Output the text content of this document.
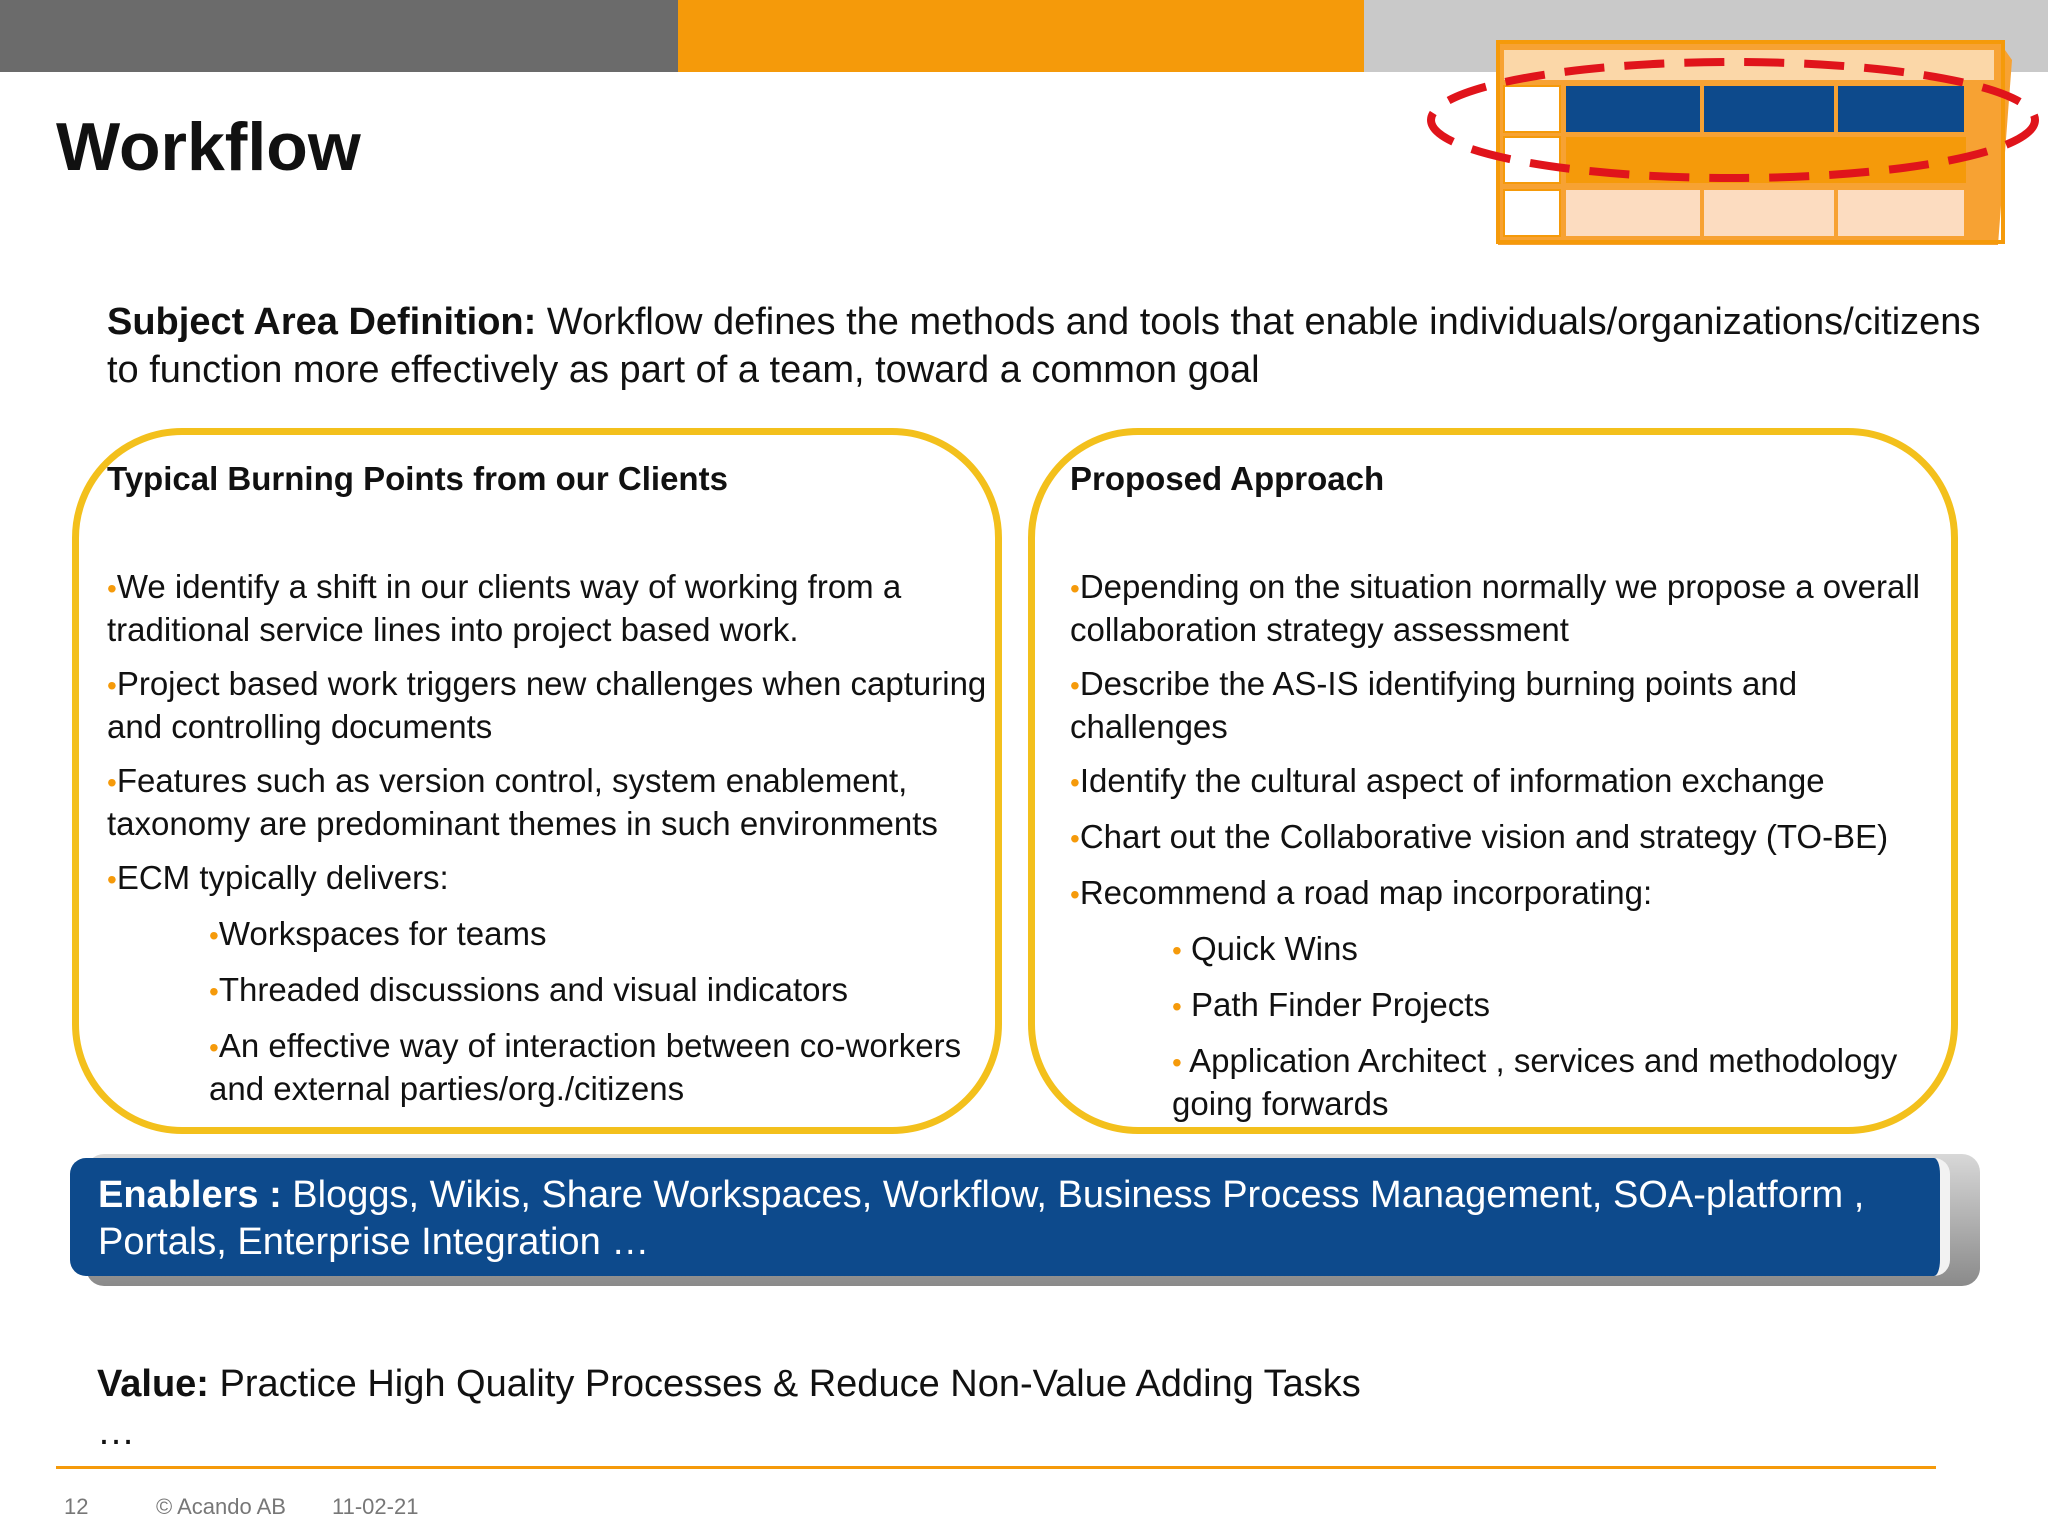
Workflow
Subject Area Definition: Workflow defines the methods and tools that enable individuals/organizations/citizens to function more effectively as part of a team, toward a common goal
Typical Burning Points from our Clients	Proposed Approach
•We identify a shift in our clients way of working from a traditional service lines into project based work.
•Project based work triggers new challenges when capturing and controlling documents
•Features such as version control, system enablement, taxonomy are predominant themes in such environments
•ECM typically delivers:
•Workspaces for teams
•Threaded discussions and visual indicators
•An effective way of interaction between co-workers and external parties/org./citizens
•Depending on the situation normally we propose a overall collaboration strategy assessment
•Describe the AS-IS identifying burning points and challenges
•Identify the cultural aspect of information exchange
•Chart out the Collaborative vision and strategy (TO-BE)
•Recommend a road map incorporating:
• Quick Wins
• Path Finder Projects
• Application Architect , services and methodology going forwards
Enablers : Bloggs, Wikis, Share Workspaces, Workflow, Business Process Management, SOA-platform , Portals, Enterprise Integration …
Value: Practice High Quality Processes & Reduce Non-Value Adding Tasks
…
12	© Acando AB 11-02-21
